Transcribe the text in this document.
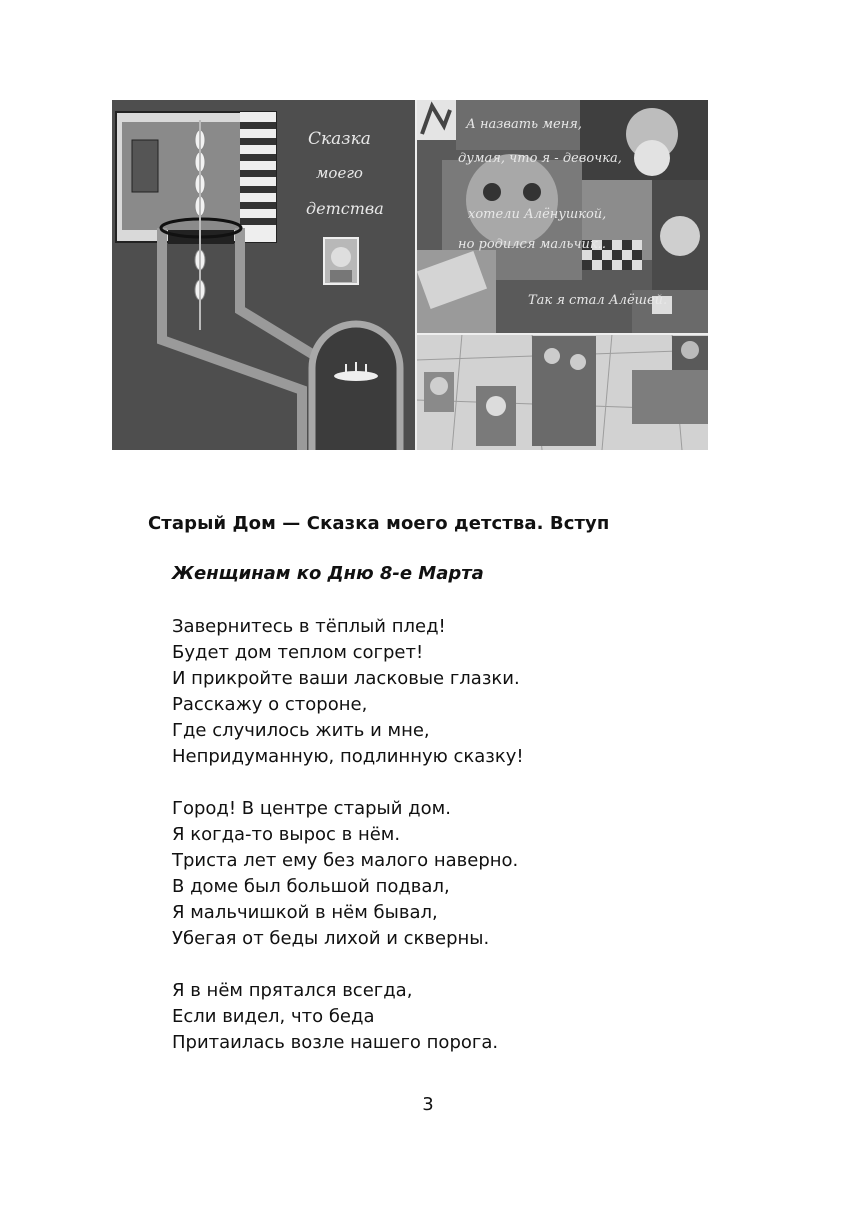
Сказка
моего
детства
А назвать меня,
думая, что я - девочка,
хотели Алёнушкой,
но родился мальчик..
Так я стал Алёшей.
Старый Дом — Сказка моего детства. Вступ
Женщинам ко Дню 8-е Марта

Завернитесь в тёплый плед!
Будет дом теплом согрет!
И прикройте ваши ласковые глазки.
Расскажу о стороне,
Где случилось жить и мне,
Непридуманную, подлинную сказку!

Город! В центре старый дом.
Я когда-то вырос в нём.
Триста лет ему без малого наверно.
В доме был большой подвал,
Я мальчишкой в нём бывал,
Убегая от беды лихой и скверны.

Я в нём прятался всегда,
Если видел, что беда
Притаилась возле нашего порога.

3
